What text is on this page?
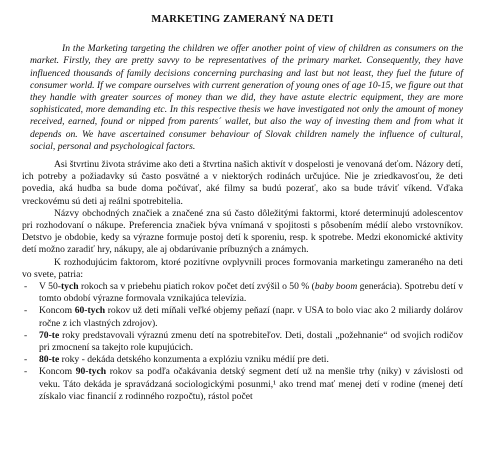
MARKETING ZAMERANÝ NA DETI

In the Marketing targeting the children we offer another point of view of children as consumers on the market. Firstly, they are pretty savvy to be representatives of the primary market. Consequently, they have influenced thousands of family decisions concerning purchasing and last but not least, they fuel the future of consumer world. If we compare ourselves with current generation of young ones of age 10-15, we figure out that they handle with greater sources of money than we did, they have astute electric equipment, they are more sophisticated, more demanding etc. In this respective thesis we have investigated not only the amount of money received, earned, found or nipped from parents´ wallet, but also the way of investing them and from what it depends on. We have ascertained consumer behaviour of Slovak children namely the influence of cultural, social, personal and psychological factors.

Asi štvrtinu života strávime ako deti a štvrtina našich aktivít v dospelosti je venovaná deťom. Názory detí, ich potreby a požiadavky sú často posvätné a v niektorých rodinách určujúce. Nie je zriedkavosťou, že deti povedia, aká hudba sa bude doma počúvať, aké filmy sa budú pozerať, ako sa bude tráviť víkend. Vďaka vreckovému sú deti aj reálni spotrebitelia.

Názvy obchodných značiek a značené zna sú často dôležitými faktormi, ktoré determinujú adolescentov pri rozhodovaní o nákupe. Preferencia značiek býva vnímaná v spojitosti s pôsobením médií alebo vrstovníkov. Detstvo je obdobie, kedy sa výrazne formuje postoj detí k sporeniu, resp. k spotrebe. Medzi ekonomické aktivity detí možno zaradiť hry, nákupy, ale aj obdarúvanie príbuzných a známych.

K rozhodujúcim faktorom, ktoré pozitívne ovplyvnili proces formovania marketingu zameraného na deti vo svete, patria:

- V 50-tych rokoch sa v priebehu piatich rokov počet detí zvýšil o 50 % (baby boom generácia). Spotrebu detí v tomto období výrazne formovala vznikajúca televízia.
- Koncom 60-tych rokov už deti míňali veľké objemy peňazí (napr. v USA to bolo viac ako 2 miliardy dolárov ročne z ich vlastných zdrojov).
- 70-te roky predstavovali výraznú zmenu detí na spotrebiteľov. Deti, dostali „požehnanie“ od svojich rodičov pri zmocnení sa takejto role kupujúcich.
- 80-te roky - dekáda detského konzumenta a explóziu vzniku médií pre deti.
- Koncom 90-tych rokov sa podľa očakávania detský segment detí už na menšie trhy (niky) v závislosti od veku. Táto dekáda je spravádzaná sociologickými posunmi,¹ ako trend mať menej detí v rodine (menej detí získalo viac financií z rodinného rozpočtu), rástol počet
